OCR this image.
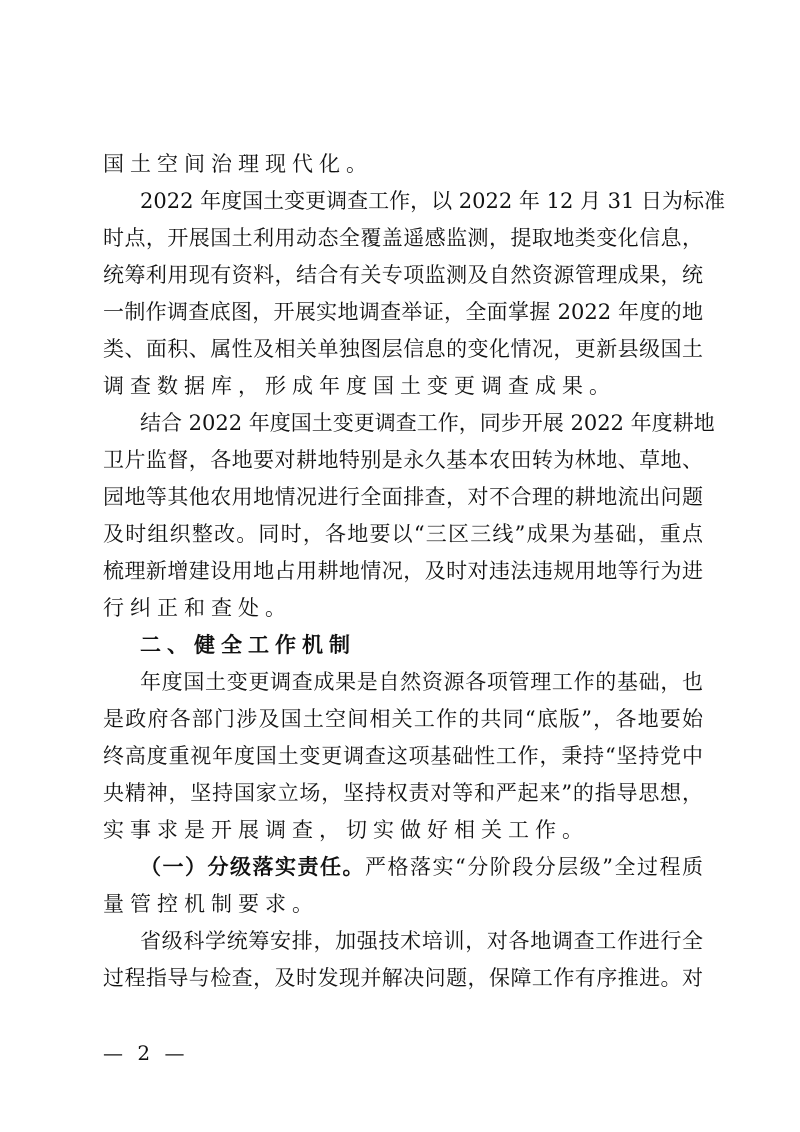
国土空间治理现代化。
2022 年度国土变更调查工作，以 2022 年 12 月 31 日为标准
时点，开展国土利用动态全覆盖遥感监测，提取地类变化信息，
统筹利用现有资料，结合有关专项监测及自然资源管理成果，统
一制作调查底图，开展实地调查举证，全面掌握 2022 年度的地
类、面积、属性及相关单独图层信息的变化情况，更新县级国土
调查数据库，形成年度国土变更调查成果。
结合 2022 年度国土变更调查工作，同步开展 2022 年度耕地
卫片监督，各地要对耕地特别是永久基本农田转为林地、草地、
园地等其他农用地情况进行全面排查，对不合理的耕地流出问题
及时组织整改。同时，各地要以“三区三线”成果为基础，重点
梳理新增建设用地占用耕地情况，及时对违法违规用地等行为进
行纠正和查处。
二、健全工作机制
年度国土变更调查成果是自然资源各项管理工作的基础，也
是政府各部门涉及国土空间相关工作的共同“底版”，各地要始
终高度重视年度国土变更调查这项基础性工作，秉持“坚持党中
央精神，坚持国家立场，坚持权责对等和严起来”的指导思想，
实事求是开展调查，切实做好相关工作。
（一）分级落实责任。严格落实“分阶段分层级”全过程质
量管控机制要求。
省级科学统筹安排，加强技术培训，对各地调查工作进行全
过程指导与检查，及时发现并解决问题，保障工作有序推进。对
— 2 —
